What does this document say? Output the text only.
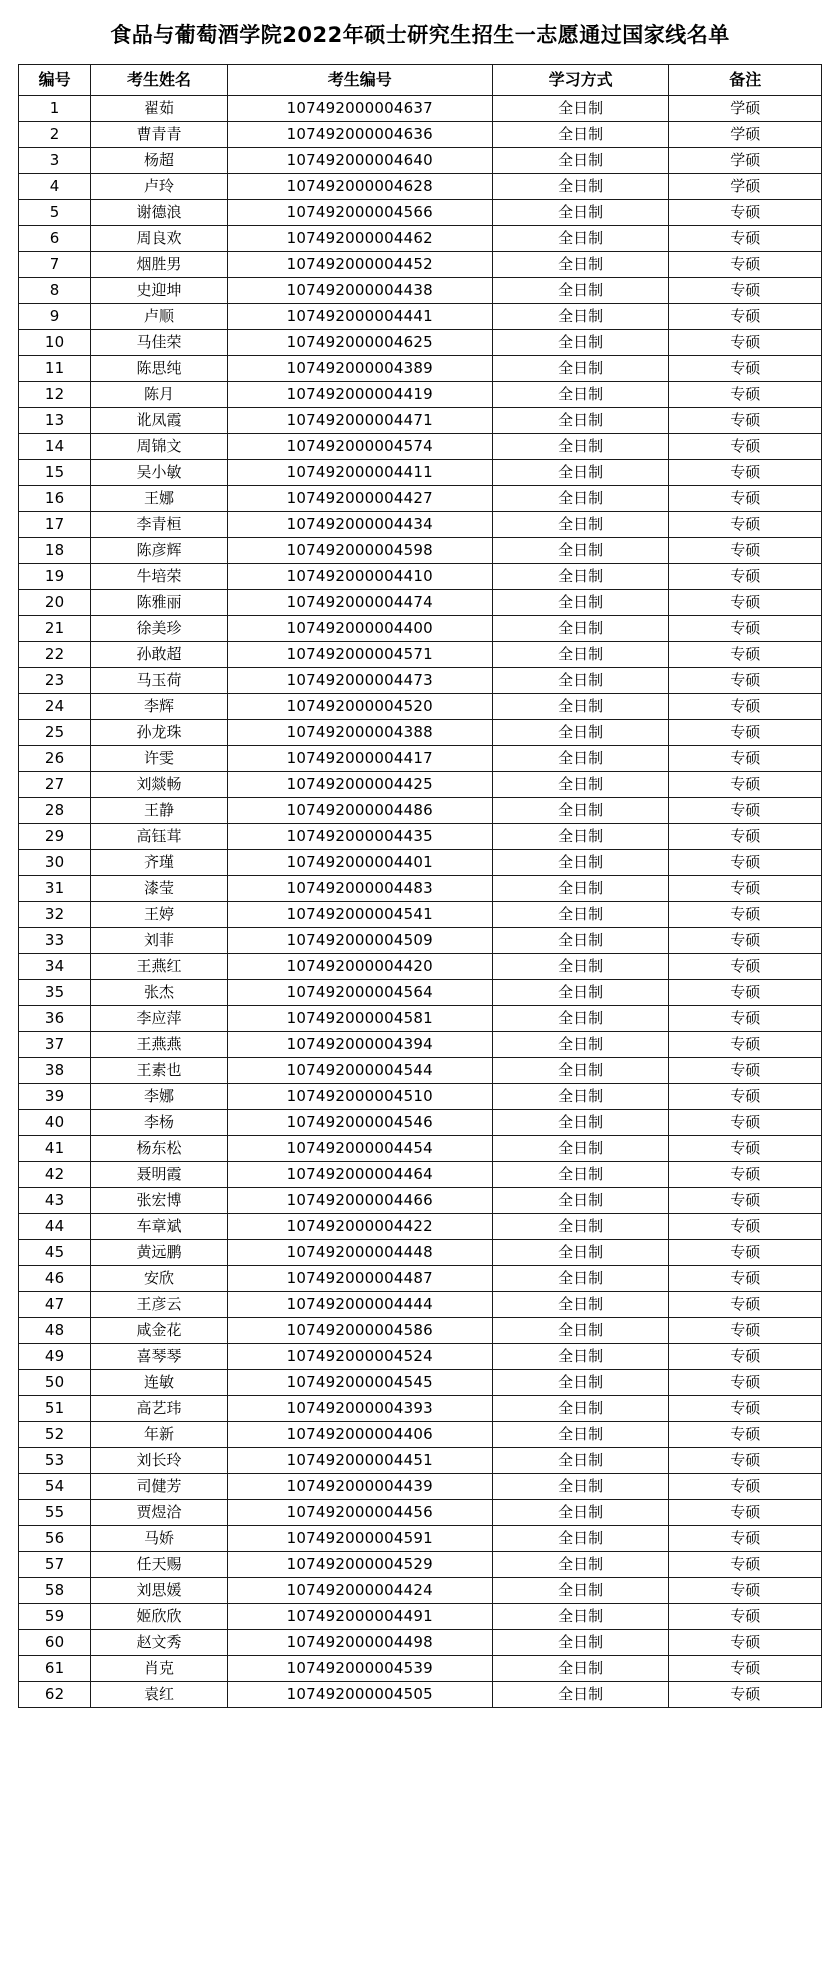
食品与葡萄酒学院2022年硕士研究生招生一志愿通过国家线名单
编号	考生姓名	考生编号	学习方式	备注
1	翟茹	107492000004637	全日制	学硕
2	曹青青	107492000004636	全日制	学硕
3	杨超	107492000004640	全日制	学硕
4	卢玲	107492000004628	全日制	学硕
5	谢德浪	107492000004566	全日制	专硕
6	周良欢	107492000004462	全日制	专硕
7	烟胜男	107492000004452	全日制	专硕
8	史迎坤	107492000004438	全日制	专硕
9	卢顺	107492000004441	全日制	专硕
10	马佳荣	107492000004625	全日制	专硕
11	陈思纯	107492000004389	全日制	专硕
12	陈月	107492000004419	全日制	专硕
13	讹凤霞	107492000004471	全日制	专硕
14	周锦文	107492000004574	全日制	专硕
15	吴小敏	107492000004411	全日制	专硕
16	王娜	107492000004427	全日制	专硕
17	李青桓	107492000004434	全日制	专硕
18	陈彦辉	107492000004598	全日制	专硕
19	牛培荣	107492000004410	全日制	专硕
20	陈雅丽	107492000004474	全日制	专硕
21	徐美珍	107492000004400	全日制	专硕
22	孙敢超	107492000004571	全日制	专硕
23	马玉荷	107492000004473	全日制	专硕
24	李辉	107492000004520	全日制	专硕
25	孙龙珠	107492000004388	全日制	专硕
26	许雯	107492000004417	全日制	专硕
27	刘燚畅	107492000004425	全日制	专硕
28	王静	107492000004486	全日制	专硕
29	高钰茸	107492000004435	全日制	专硕
30	齐瑾	107492000004401	全日制	专硕
31	漆莹	107492000004483	全日制	专硕
32	王婷	107492000004541	全日制	专硕
33	刘菲	107492000004509	全日制	专硕
34	王燕红	107492000004420	全日制	专硕
35	张杰	107492000004564	全日制	专硕
36	李应萍	107492000004581	全日制	专硕
37	王燕燕	107492000004394	全日制	专硕
38	王素也	107492000004544	全日制	专硕
39	李娜	107492000004510	全日制	专硕
40	李杨	107492000004546	全日制	专硕
41	杨东松	107492000004454	全日制	专硕
42	聂明霞	107492000004464	全日制	专硕
43	张宏博	107492000004466	全日制	专硕
44	车章斌	107492000004422	全日制	专硕
45	黄远鹏	107492000004448	全日制	专硕
46	安欣	107492000004487	全日制	专硕
47	王彦云	107492000004444	全日制	专硕
48	咸金花	107492000004586	全日制	专硕
49	喜琴琴	107492000004524	全日制	专硕
50	连敏	107492000004545	全日制	专硕
51	高艺玮	107492000004393	全日制	专硕
52	年新	107492000004406	全日制	专硕
53	刘长玲	107492000004451	全日制	专硕
54	司健芳	107492000004439	全日制	专硕
55	贾煜洽	107492000004456	全日制	专硕
56	马娇	107492000004591	全日制	专硕
57	任天赐	107492000004529	全日制	专硕
58	刘思媛	107492000004424	全日制	专硕
59	姬欣欣	107492000004491	全日制	专硕
60	赵文秀	107492000004498	全日制	专硕
61	肖克	107492000004539	全日制	专硕
62	袁红	107492000004505	全日制	专硕
